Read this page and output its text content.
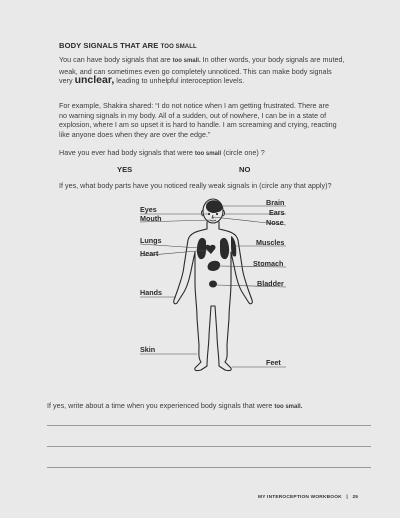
BODY SIGNALS THAT ARE TOO SMALL
You can have body signals that are too small. In other words, your body signals are muted,
weak, and can sometimes even go completely unnoticed. This can make body signals
very unclear, leading to unhelpful interoception levels.
For example, Shakira shared: “I do not notice when I am getting frustrated. There are
no warning signals in my body. All of a sudden, out of nowhere, I can be in a state of
explosion, where I am so upset it is hard to handle. I am screaming and crying, reacting
like anyone does when they are over the edge.”
Have you ever had body signals that were too small (circle one) ?
YES	NO
If yes, what body parts have you noticed really weak signals in (circle any that apply)?
Eyes
Mouth
Lungs
Heart
Hands
Skin
Brain
Ears
Nose
Muscles
Stomach
Bladder
Feet
If yes, write about a time when you experienced body signals that were too small.
MY INTEROCEPTION WORKBOOK | 25
